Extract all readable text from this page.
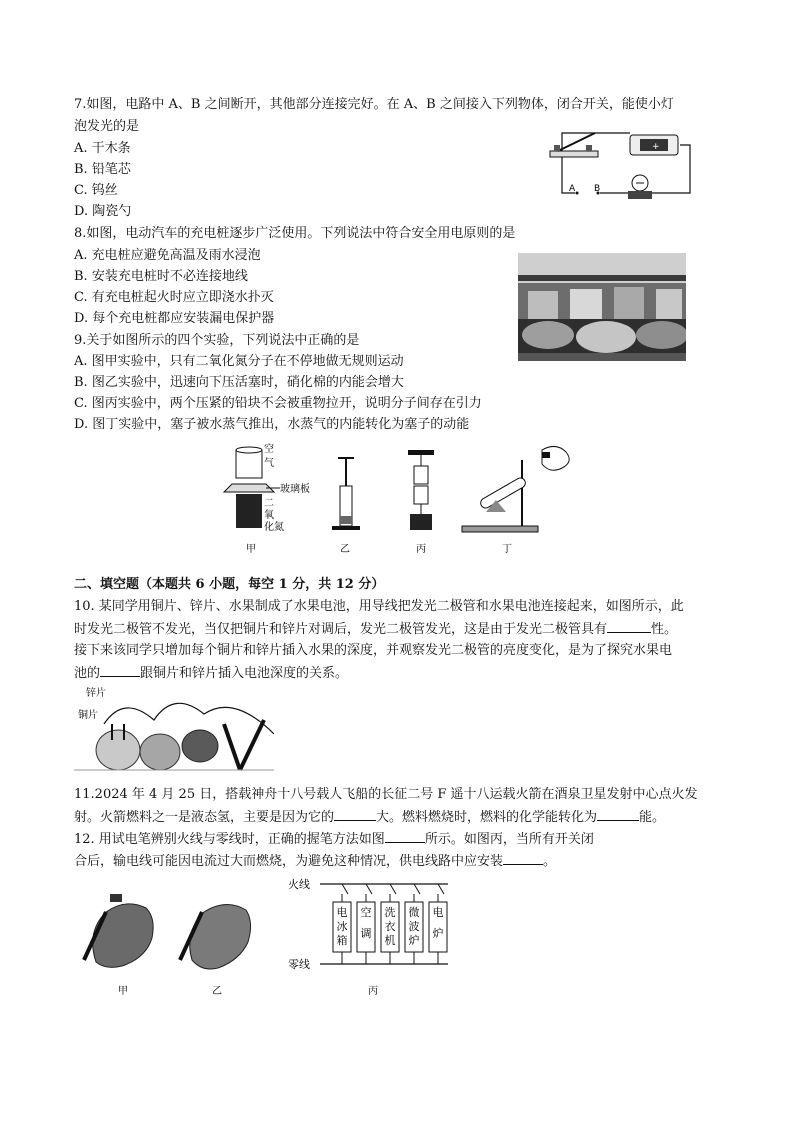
7.如图，电路中 A、B 之间断开，其他部分连接完好。在 A、B 之间接入下列物体，闭合开关，能使小灯
泡发光的是
A. 干木条
B. 铅笔芯
C. 钨丝
D. 陶瓷勺
+
A B
8.如图，电动汽车的充电桩逐步广泛使用。下列说法中符合安全用电原则的是
A. 充电桩应避免高温及雨水浸泡
B. 安装充电桩时不必连接地线
C. 有充电桩起火时应立即浇水扑灭
D. 每个充电桩都应安装漏电保护器
9.关于如图所示的四个实验，下列说法中正确的是
A. 图甲实验中，只有二氧化氮分子在不停地做无规则运动
B. 图乙实验中，迅速向下压活塞时，硝化棉的内能会增大
C. 图丙实验中，两个压紧的铅块不会被重物拉开，说明分子间存在引力
D. 图丁实验中，塞子被水蒸气推出，水蒸气的内能转化为塞子的动能
空
气
玻璃板
二
氧
化氮
甲	乙	丙	丁
二、填空题（本题共 6 小题，每空 1 分，共 12 分）
10. 某同学用铜片、锌片、水果制成了水果电池，用导线把发光二极管和水果电池连接起来，如图所示，此
时发光二极管不发光，当仅把铜片和锌片对调后，发光二极管发光，这是由于发光二极管具有	性。
接下来该同学只增加每个铜片和锌片插入水果的深度，并观察发光二极管的亮度变化，是为了探究水果电
池的	跟铜片和锌片插入电池深度的关系。
锌片
铜片
11.2024 年 4 月 25 日，搭载神舟十八号载人飞船的长征二号 F 遥十八运载火箭在酒泉卫星发射中心点火发
射。火箭燃料之一是液态氢，主要是因为它的	大。燃料燃烧时，燃料的化学能转化为	能。
12. 用试电笔辨别火线与零线时，正确的握笔方法如图	所示。如图丙，当所有开关闭
合后，输电线可能因电流过大而燃烧，为避免这种情况，供电线路中应安装	。
甲	乙
火线
零线
电
冰
箱
空
调
洗
衣
机
微
波
炉
电
炉
丙
